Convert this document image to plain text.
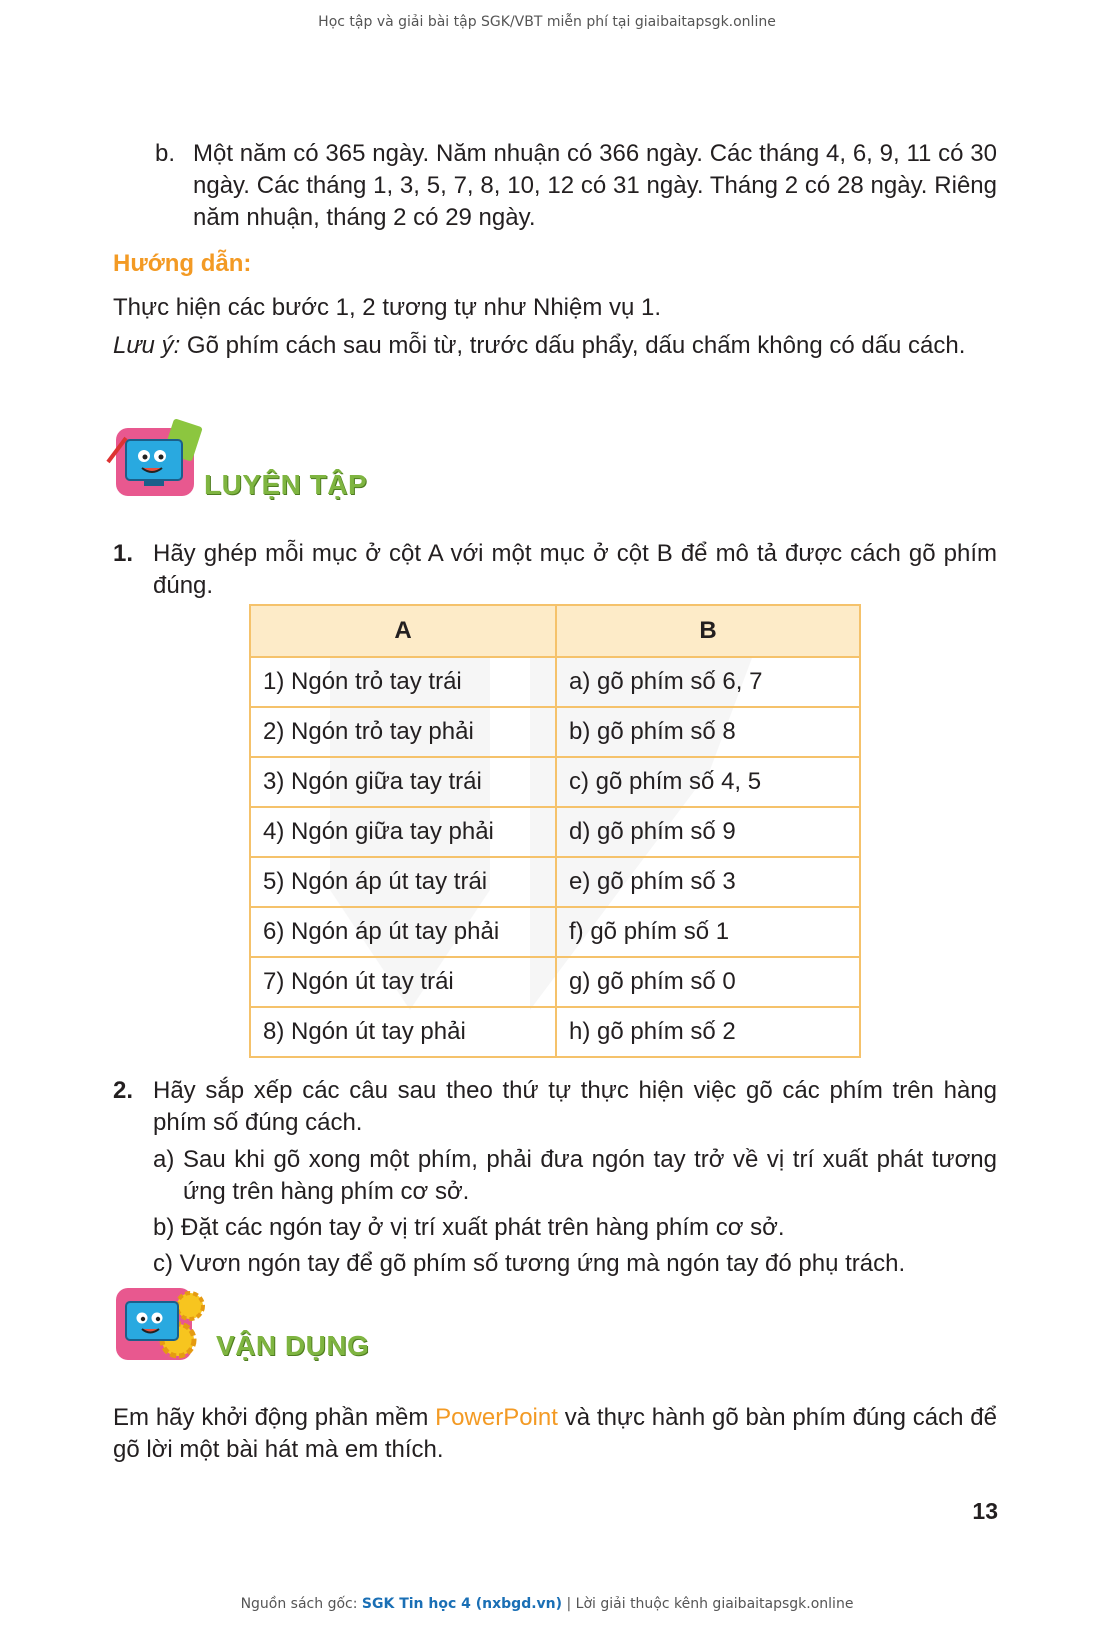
Học tập và giải bài tập SGK/VBT miễn phí tại giaibaitapsgk.online
b. Một năm có 365 ngày. Năm nhuận có 366 ngày. Các tháng 4, 6, 9, 11 có 30 ngày. Các tháng 1, 3, 5, 7, 8, 10, 12 có 31 ngày. Tháng 2 có 28 ngày. Riêng năm nhuận, tháng 2 có 29 ngày.
Hướng dẫn:
Thực hiện các bước 1, 2 tương tự như Nhiệm vụ 1.
Lưu ý: Gõ phím cách sau mỗi từ, trước dấu phẩy, dấu chấm không có dấu cách.
LUYỆN TẬP
1. Hãy ghép mỗi mục ở cột A với một mục ở cột B để mô tả được cách gõ phím đúng.
A	B
1) Ngón trỏ tay trái	a) gõ phím số 6, 7
2) Ngón trỏ tay phải	b) gõ phím số 8
3) Ngón giữa tay trái	c) gõ phím số 4, 5
4) Ngón giữa tay phải	d) gõ phím số 9
5) Ngón áp út tay trái	e) gõ phím số 3
6) Ngón áp út tay phải	f) gõ phím số 1
7) Ngón út tay trái	g) gõ phím số 0
8) Ngón út tay phải	h) gõ phím số 2
2. Hãy sắp xếp các câu sau theo thứ tự thực hiện việc gõ các phím trên hàng phím số đúng cách.
a) Sau khi gõ xong một phím, phải đưa ngón tay trở về vị trí xuất phát tương ứng trên hàng phím cơ sở.
b) Đặt các ngón tay ở vị trí xuất phát trên hàng phím cơ sở.
c) Vươn ngón tay để gõ phím số tương ứng mà ngón tay đó phụ trách.
VẬN DỤNG
Em hãy khởi động phần mềm PowerPoint và thực hành gõ bàn phím đúng cách để gõ lời một bài hát mà em thích.
13
Nguồn sách gốc: SGK Tin học 4 (nxbgd.vn) | Lời giải thuộc kênh giaibaitapsgk.online
